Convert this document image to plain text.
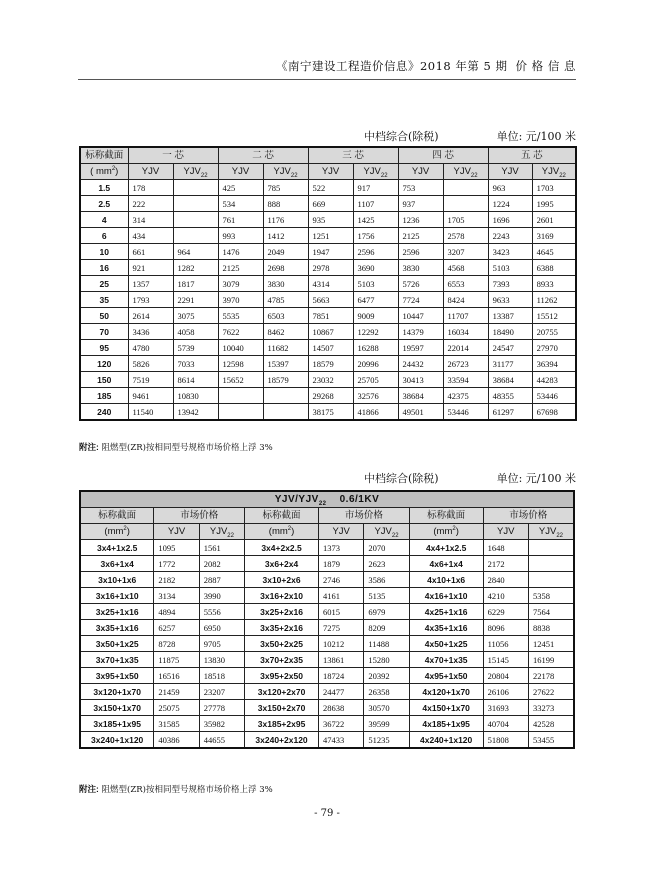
《南宁建设工程造价信息》2018 年第 5 期 价 格 信 息
中档综合(除税)	单位: 元/100 米
标称截面	一 芯		二 芯		三 芯		四 芯		五 芯	
( $mm^2$)	YJV	$YJV_{22}$	YJV	$YJV_{22}$	YJV	$YJV_{22}$	YJV	$YJV_{22}$	YJV	$YJV_{22}$
1.5	178		425	785	522	917	753		963	1703
2.5	222		534	888	669	1107	937		1224	1995
4	314		761	1176	935	1425	1236	1705	1696	2601
6	434		993	1412	1251	1756	2125	2578	2243	3169
10	661	964	1476	2049	1947	2596	2596	3207	3423	4645
16	921	1282	2125	2698	2978	3690	3830	4568	5103	6388
25	1357	1817	3079	3830	4314	5103	5726	6553	7393	8933
35	1793	2291	3970	4785	5663	6477	7724	8424	9633	11262
50	2614	3075	5535	6503	7851	9009	10447	11707	13387	15512
70	3436	4058	7622	8462	10867	12292	14379	16034	18490	20755
95	4780	5739	10040	11682	14507	16288	19597	22014	24547	27970
120	5826	7033	12598	15397	18579	20996	24432	26723	31177	36394
150	7519	8614	15652	18579	23032	25705	30413	33594	38684	44283
185	9461	10830			29268	32576	38684	42375	48355	53446
240	11540	13942			38175	41866	49501	53446	61297	67698
附注: 阻燃型(ZR)按相同型号规格市场价格上浮 3%
中档综合(除税)	单位: 元/100 米
YJV/$YJV_{22}$ 0.6/1KV								
标称截面	市场价格		标称截面	市场价格		标称截面	市场价格	
$(mm^2)$	YJV	$YJV_{22}$	$(mm^2)$	YJV	$YJV_{22}$	$(mm^2)$	YJV	$YJV_{22}$
3x4+1x2.5	1095	1561	3x4+2x2.5	1373	2070	4x4+1x2.5	1648	
3x6+1x4	1772	2082	3x6+2x4	1879	2623	4x6+1x4	2172	
3x10+1x6	2182	2887	3x10+2x6	2746	3586	4x10+1x6	2840	
3x16+1x10	3134	3990	3x16+2x10	4161	5135	4x16+1x10	4210	5358
3x25+1x16	4894	5556	3x25+2x16	6015	6979	4x25+1x16	6229	7564
3x35+1x16	6257	6950	3x35+2x16	7275	8209	4x35+1x16	8096	8838
3x50+1x25	8728	9705	3x50+2x25	10212	11488	4x50+1x25	11056	12451
3x70+1x35	11875	13830	3x70+2x35	13861	15280	4x70+1x35	15145	16199
3x95+1x50	16516	18518	3x95+2x50	18724	20392	4x95+1x50	20804	22178
3x120+1x70	21459	23207	3x120+2x70	24477	26358	4x120+1x70	26106	27622
3x150+1x70	25075	27778	3x150+2x70	28638	30570	4x150+1x70	31693	33273
3x185+1x95	31585	35982	3x185+2x95	36722	39599	4x185+1x95	40704	42528
3x240+1x120	40386	44655	3x240+2x120	47433	51235	4x240+1x120	51808	53455
附注: 阻燃型(ZR)按相同型号规格市场价格上浮 3%
- 79 -
